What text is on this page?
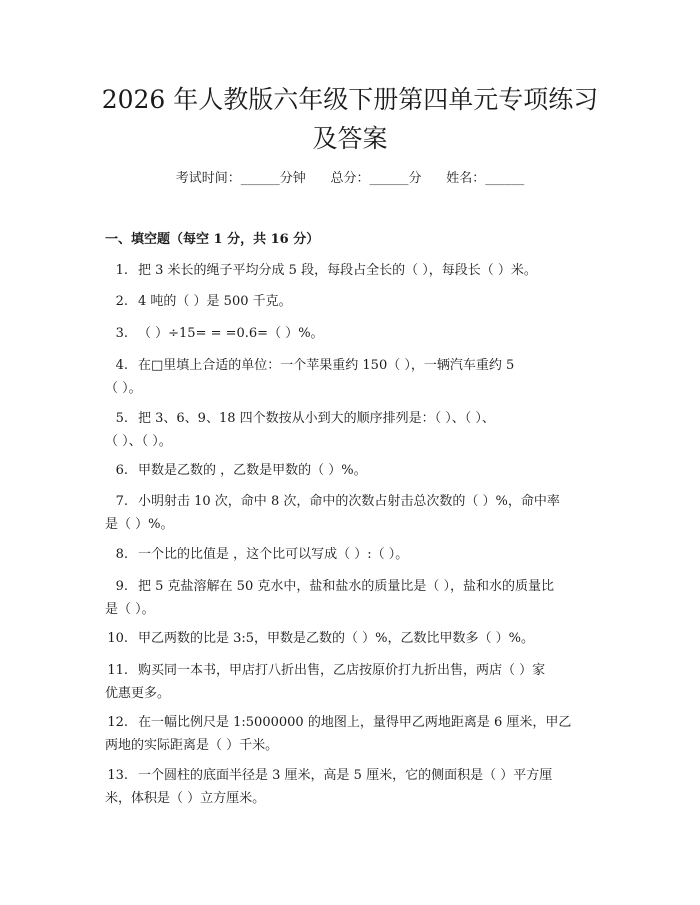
2026 年人教版六年级下册第四单元专项练习
及答案
考试时间：______分钟      总分：______分      姓名：______
一、填空题（每空 1 分，共 16 分）

1. 把 3 米长的绳子平均分成 5 段，每段占全长的（ ），每段长（ ）米。

2. 4 吨的（ ）是 500 千克。

3. （ ）÷15= = =0.6=（ ）%。

4. 在□里填上合适的单位：一个苹果重约 150（ ），一辆汽车重约 5
（ ）。

5. 把 3、6、9、18 四个数按从小到大的顺序排列是：（ ）、（ ）、
（ ）、（ ）。

6. 甲数是乙数的 ，乙数是甲数的（ ）%。

7. 小明射击 10 次，命中 8 次，命中的次数占射击总次数的（ ）%，命中率
是（ ）%。

8. 一个比的比值是 ，这个比可以写成（ ）:（ ）。

9. 把 5 克盐溶解在 50 克水中，盐和盐水的质量比是（ ），盐和水的质量比
是（ ）。

10. 甲乙两数的比是 3:5，甲数是乙数的（ ）%，乙数比甲数多（ ）%。

11. 购买同一本书，甲店打八折出售，乙店按原价打九折出售，两店（ ）家
优惠更多。

12. 在一幅比例尺是 1:5000000 的地图上，量得甲乙两地距离是 6 厘米，甲乙
两地的实际距离是（ ）千米。

13. 一个圆柱的底面半径是 3 厘米，高是 5 厘米，它的侧面积是（ ）平方厘
米，体积是（ ）立方厘米。
